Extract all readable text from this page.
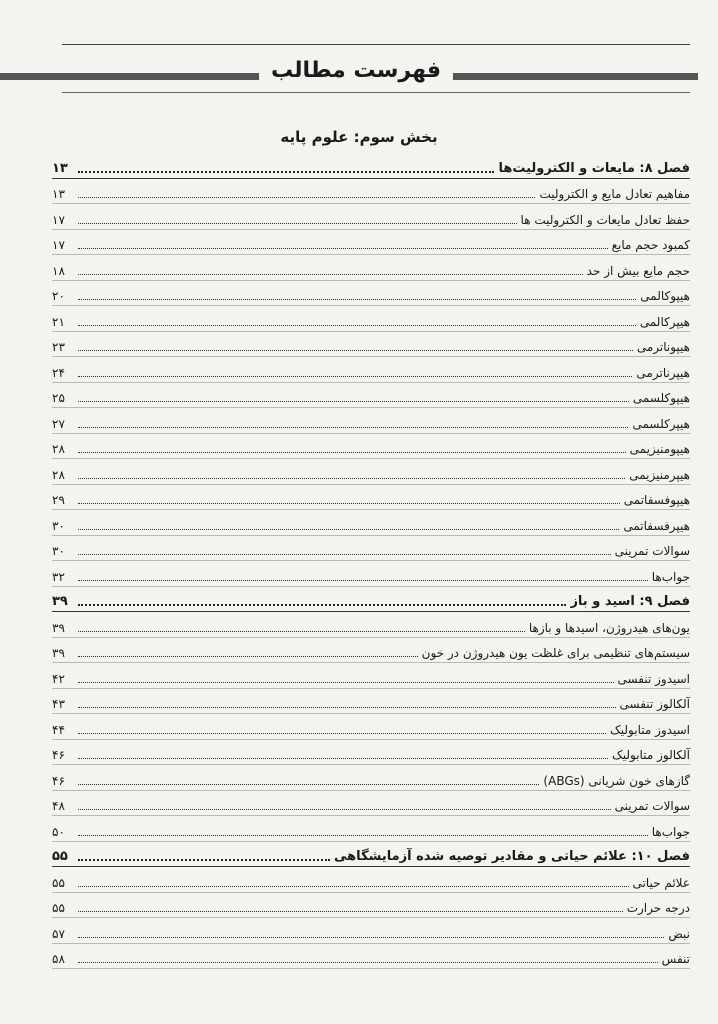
فهرست مطالب
بخش سوم: علوم پایه
فصل ۸: مایعات و الکترولیت‌ها
۱۳
مفاهیم تعادل مایع و الکترولیت
۱۳
حفظ تعادل مایعات و الکترولیت ها
۱۷
کمبود حجم مایع
۱۷
حجم مایع بیش از حد
۱۸
هیپوکالمی
۲۰
هیپرکالمی
۲۱
هیپوناترمی
۲۳
هیپرناترمی
۲۴
هیپوکلسمی
۲۵
هیپرکلسمی
۲۷
هیپومنیزیمی
۲۸
هیپرمنیزیمی
۲۸
هیپوفسفاتمی
۲۹
هیپرفسفاتمی
۳۰
سوالات تمرینی
۳۰
جواب‌ها
۳۲
فصل ۹: اسید و باز
۳۹
یون‌های هیدروژن، اسیدها و بازها
۳۹
سیستم‌های تنظیمی برای غلظت یون هیدروژن در خون
۳۹
اسیدوز تنفسی
۴۲
آلکالوز تنفسی
۴۳
اسیدوز متابولیک
۴۴
آلکالوز متابولیک
۴۶
گازهای خون شریانی (ABGs)
۴۶
سوالات تمرینی
۴۸
جواب‌ها
۵۰
فصل ۱۰: علائم حیاتی و مقادیر توصیه شده آزمایشگاهی
۵۵
علائم حیاتی
۵۵
درجه حرارت
۵۵
نبض
۵۷
تنفس
۵۸
